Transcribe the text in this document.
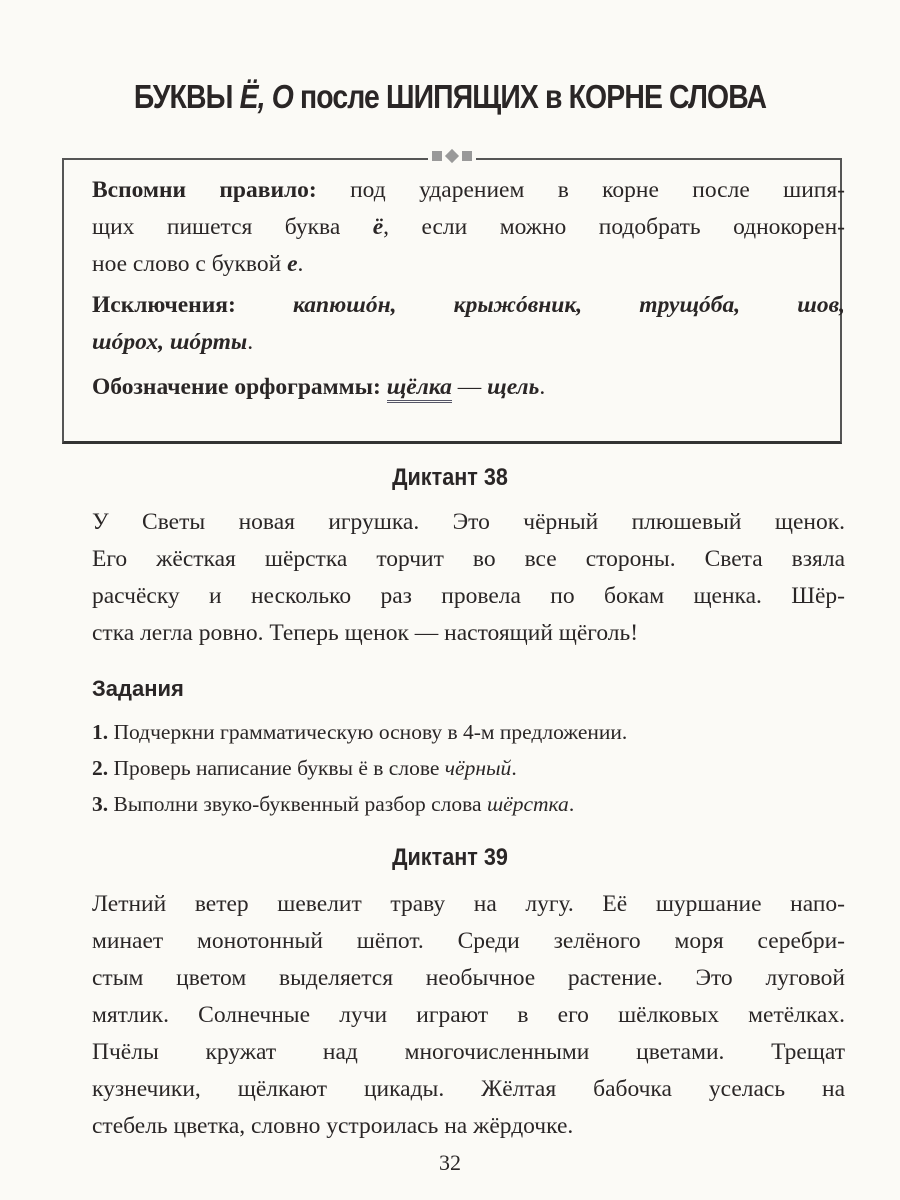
БУКВЫ Ё, О после ШИПЯЩИХ в КОРНЕ СЛОВА
Вспомни правило: под ударением в корне после шипя-
щих пишется буква ё, если можно подобрать однокорен-
ное слово с буквой е.
Исключения: капюшóн, крыжóвник, трущóба, шов,
шóрох, шóрты.
Обозначение орфограммы: щёлка — щель.
Диктант 38
У Светы новая игрушка. Это чёрный плюшевый щенок.
Его жёсткая шёрстка торчит во все стороны. Света взяла
расчёску и несколько раз провела по бокам щенка. Шёр-
стка легла ровно. Теперь щенок — настоящий щёголь!
Задания
1. Подчеркни грамматическую основу в 4-м предложении.
2. Проверь написание буквы ё в слове чёрный.
3. Выполни звуко-буквенный разбор слова шёрстка.
Диктант 39
Летний ветер шевелит траву на лугу. Её шуршание напо-
минает монотонный шёпот. Среди зелёного моря серебри-
стым цветом выделяется необычное растение. Это луговой
мятлик. Солнечные лучи играют в его шёлковых метёлках.
Пчёлы кружат над многочисленными цветами. Трещат
кузнечики, щёлкают цикады. Жёлтая бабочка уселась на
стебель цветка, словно устроилась на жёрдочке.
32
